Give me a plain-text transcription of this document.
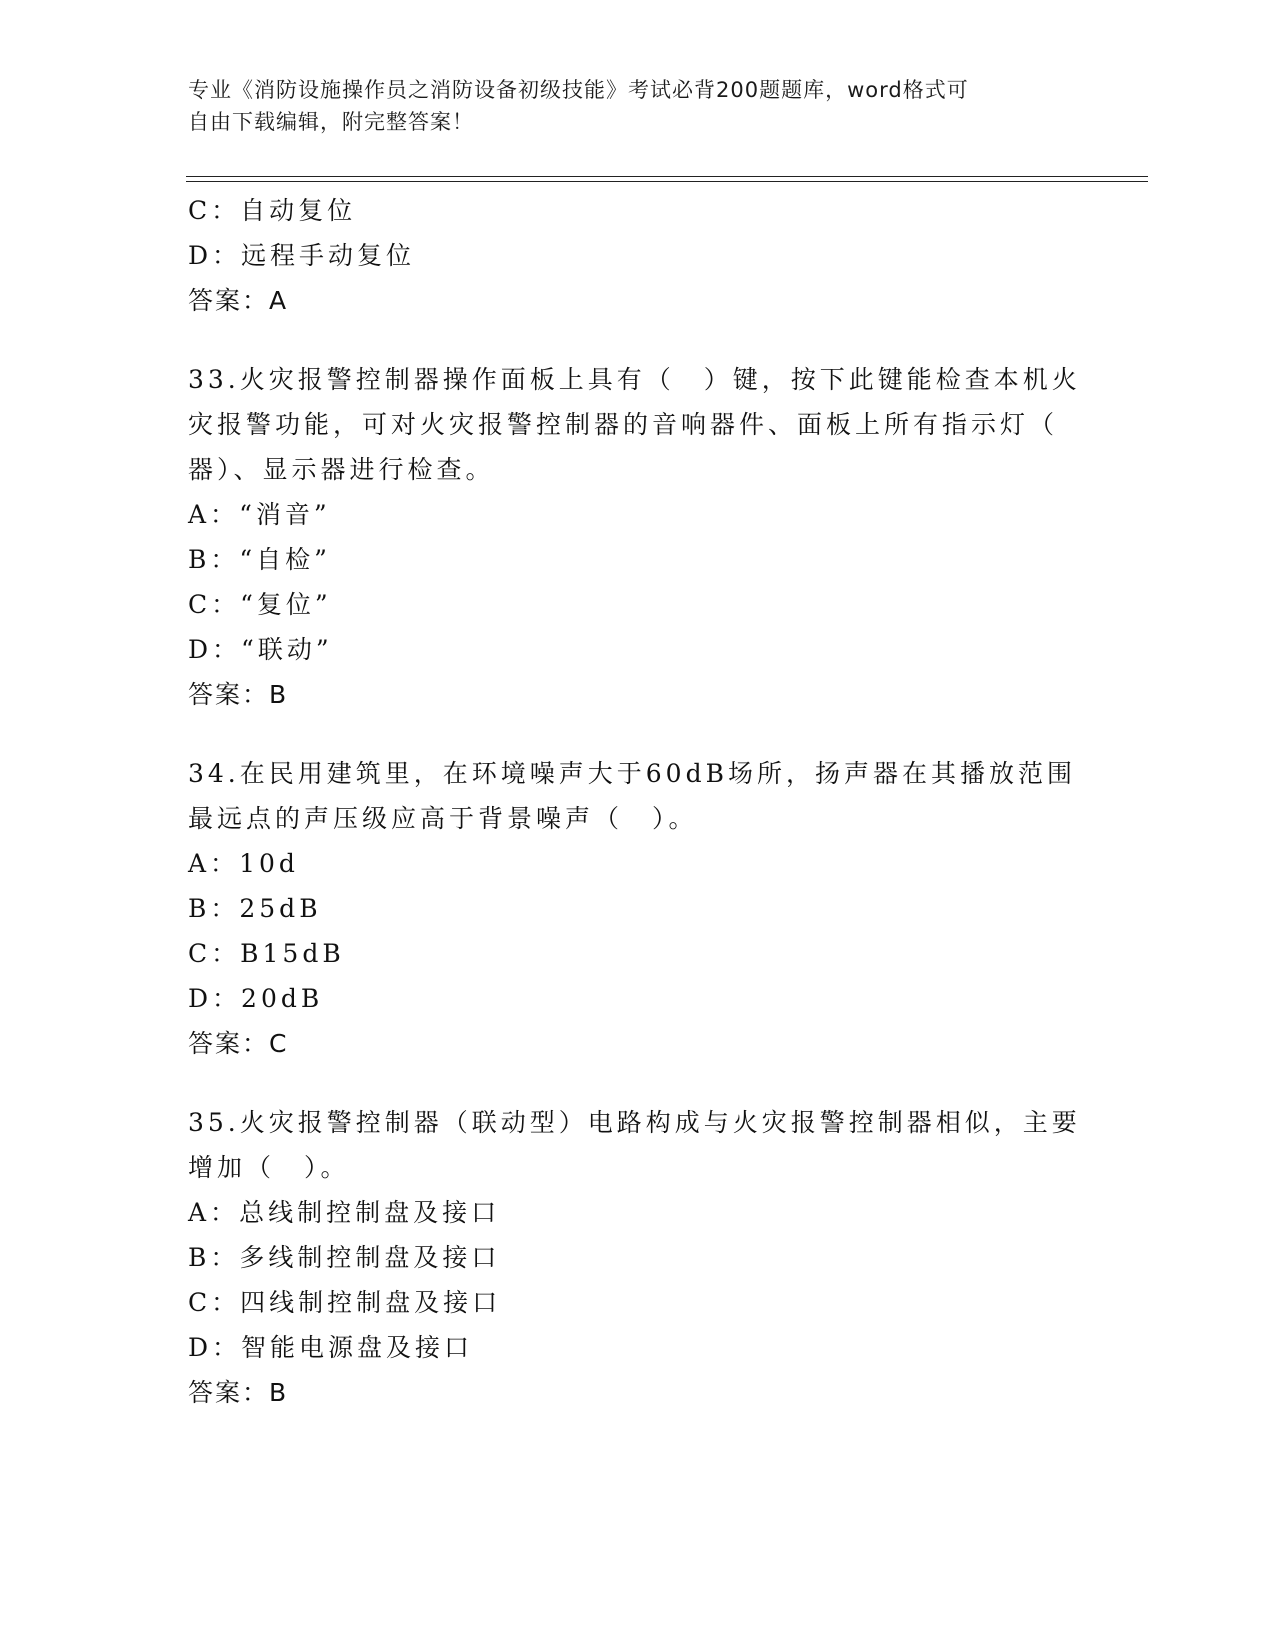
专业《消防设施操作员之消防设备初级技能》考试必背200题题库，word格式可
自由下载编辑，附完整答案！
C：自动复位
D：远程手动复位
答案：A
33.火灾报警控制器操作面板上具有（　）键，按下此键能检查本机火
灾报警功能，可对火灾报警控制器的音响器件、面板上所有指示灯（
器）、显示器进行检查。
A：“消音”
B：“自检”
C：“复位”
D：“联动”
答案：B
34.在民用建筑里，在环境噪声大于60dB场所，扬声器在其播放范围
最远点的声压级应高于背景噪声（　）。
A：10d
B：25dB
C：B15dB
D：20dB
答案：C
35.火灾报警控制器（联动型）电路构成与火灾报警控制器相似，主要
增加（　）。
A：总线制控制盘及接口
B：多线制控制盘及接口
C：四线制控制盘及接口
D：智能电源盘及接口
答案：B
